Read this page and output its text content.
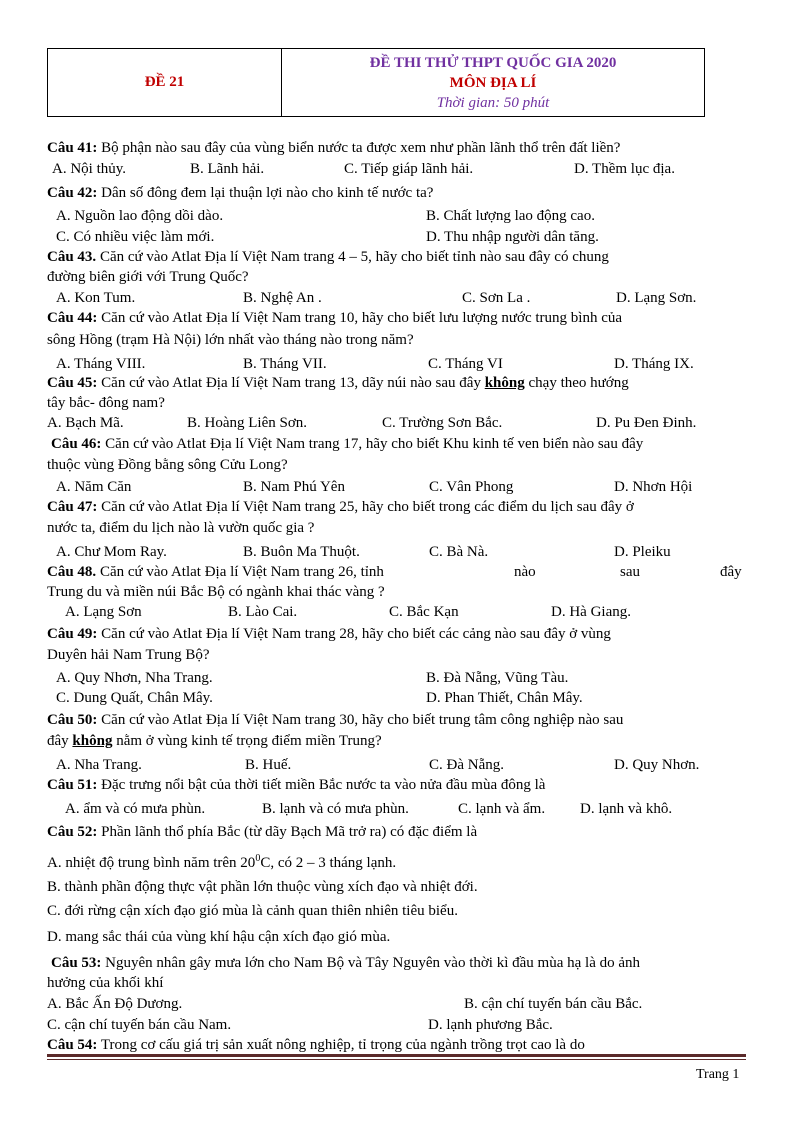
ĐỀ 21
ĐỀ THI THỬ THPT QUỐC GIA 2020
MÔN ĐỊA LÍ
Thời gian: 50 phút
Câu 41: Bộ phận nào sau đây của vùng biển nước ta được xem như phần lãnh thổ trên đất liền?
A. Nội thủy.	B. Lãnh hải.	C. Tiếp giáp lãnh hải.	D. Thềm lục địa.
Câu 42: Dân số đông đem lại thuận lợi nào cho kinh tế nước ta?
A. Nguồn lao động dồi dào.	B. Chất lượng lao động cao.
C. Có nhiều việc làm mới.	D. Thu nhập người dân tăng.
Câu 43. Căn cứ vào Atlat Địa lí Việt Nam trang 4 – 5, hãy cho biết tỉnh nào sau đây có chung
đường biên giới với Trung Quốc?
A. Kon Tum.	B. Nghệ An .	C. Sơn La .	D. Lạng Sơn.
Câu 44: Căn cứ vào Atlat Địa lí Việt Nam trang 10, hãy cho biết lưu lượng nước trung bình của
sông Hồng (trạm Hà Nội) lớn nhất vào tháng nào trong năm?
A. Tháng VIII.	B. Tháng VII.	C. Tháng VI	D. Tháng IX.
Câu 45: Căn cứ vào Atlat Địa lí Việt Nam trang 13, dãy núi nào sau đây không chạy theo hướng
tây bắc- đông nam?
A. Bạch Mã.	B. Hoàng Liên Sơn.	C. Trường Sơn Bắc.	D. Pu Đen Đinh.
Câu 46: Căn cứ vào Atlat Địa lí Việt Nam trang 17, hãy cho biết Khu kinh tế ven biển nào sau đây
thuộc vùng Đồng bằng sông Cửu Long?
A. Năm Căn	B. Nam Phú Yên	C. Vân Phong	D. Nhơn Hội
Câu 47: Căn cứ vào Atlat Địa lí Việt Nam trang 25, hãy cho biết trong các điểm du lịch sau đây ở
nước ta, điểm du lịch nào là vườn quốc gia ?
A. Chư Mom Ray.	B. Buôn Ma Thuột.	C. Bà Nà.	D. Pleiku
Câu 48. Căn cứ vào Atlat Địa lí Việt Nam trang 26, tỉnh	nào	sau	đây
Trung du và miền núi Bắc Bộ có ngành khai thác vàng ?
A. Lạng Sơn	B. Lào Cai.	C. Bắc Kạn	D. Hà Giang.
Câu 49: Căn cứ vào Atlat Địa lí Việt Nam trang 28, hãy cho biết các cảng nào sau đây ở vùng
Duyên hải Nam Trung Bộ?
A. Quy Nhơn, Nha Trang.	B. Đà Nẵng, Vũng Tàu.
C. Dung Quất, Chân Mây.	D. Phan Thiết, Chân Mây.
Câu 50: Căn cứ vào Atlat Địa lí Việt Nam trang 30, hãy cho biết trung tâm công nghiệp nào sau
đây không nằm ở vùng kinh tế trọng điểm miền Trung?
A. Nha Trang.	B. Huế.	C. Đà Nẵng.	D. Quy Nhơn.
Câu 51: Đặc trưng nổi bật của thời tiết miền Bắc nước ta vào nửa đầu mùa đông là
A. ẩm và có mưa phùn.	B. lạnh và có mưa phùn.	C. lạnh và ẩm. D. lạnh và khô.
Câu 52: Phần lãnh thổ phía Bắc (từ dãy Bạch Mã trở ra) có đặc điểm là
A. nhiệt độ trung bình năm trên $20^0C$, có 2 – 3 tháng lạnh.
B. thành phần động thực vật phần lớn thuộc vùng xích đạo và nhiệt đới.
C. đới rừng cận xích đạo gió mùa là cảnh quan thiên nhiên tiêu biểu.
D. mang sắc thái của vùng khí hậu cận xích đạo gió mùa.
Câu 53: Nguyên nhân gây mưa lớn cho Nam Bộ và Tây Nguyên vào thời kì đầu mùa hạ là do ảnh
hưởng của khối khí
A. Bắc Ấn Độ Dương.	B. cận chí tuyến bán cầu Bắc.
C. cận chí tuyến bán cầu Nam.	D. lạnh phương Bắc.
Câu 54: Trong cơ cấu giá trị sản xuất nông nghiệp, tỉ trọng của ngành trồng trọt cao là do
Trang 1
